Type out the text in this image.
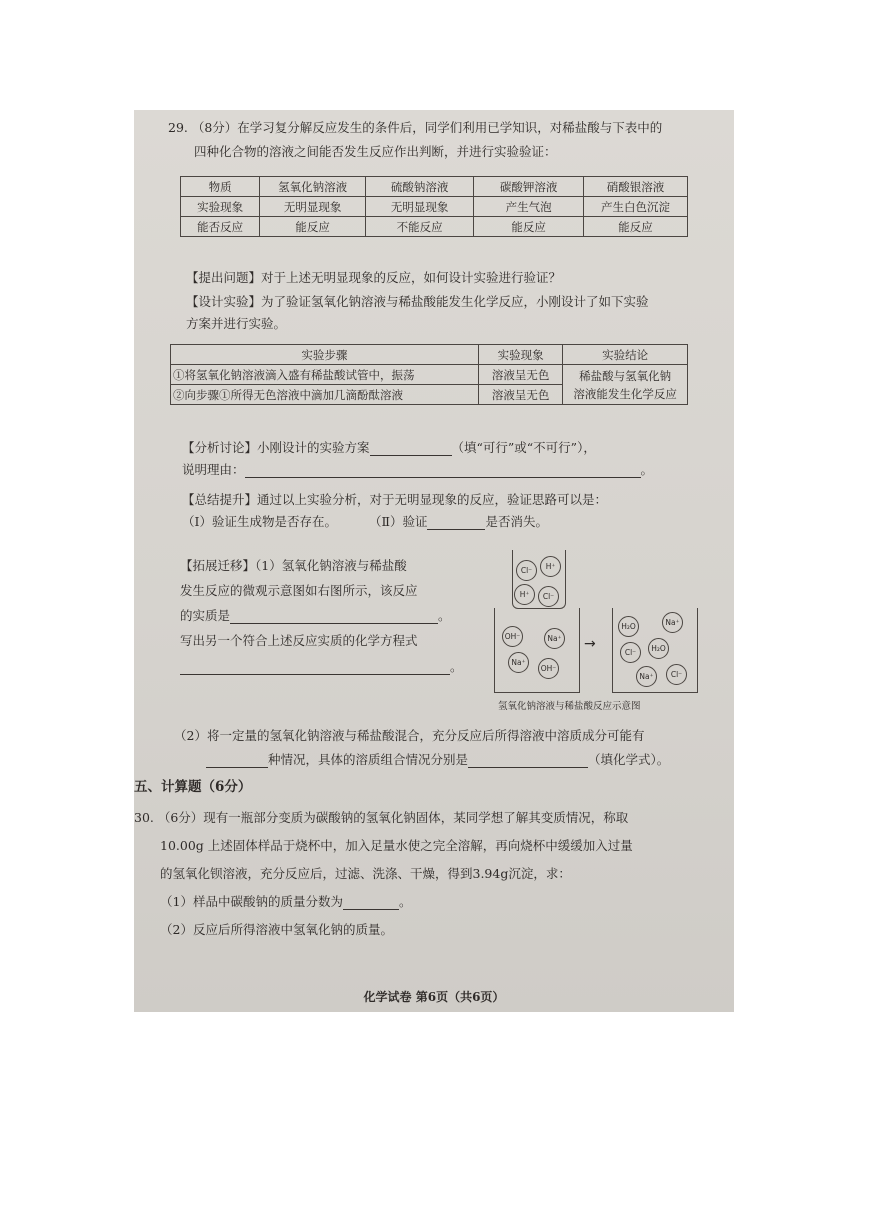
29. （8分）在学习复分解反应发生的条件后，同学们利用已学知识，对稀盐酸与下表中的
四种化合物的溶液之间能否发生反应作出判断，并进行实验验证：
物质	氢氧化钠溶液	硫酸钠溶液	碳酸钾溶液	硝酸银溶液
实验现象	无明显现象	无明显现象	产生气泡	产生白色沉淀
能否反应	能反应	不能反应	能反应	能反应
【提出问题】对于上述无明显现象的反应，如何设计实验进行验证？
【设计实验】为了验证氢氧化钠溶液与稀盐酸能发生化学反应，小刚设计了如下实验
方案并进行实验。
实验步骤	实验现象	实验结论
①将氢氧化钠溶液滴入盛有稀盐酸试管中，振荡	溶液呈无色	稀盐酸与氢氧化钠
溶液能发生化学反应

②向步骤①所得无色溶液中滴加几滴酚酞溶液	溶液呈无色	
【分析讨论】小刚设计的实验方案	（填“可行”或“不可行”），
说明理由：	。
【总结提升】通过以上实验分析，对于无明显现象的反应，验证思路可以是：
（Ⅰ）验证生成物是否存在。	（Ⅱ）验证	是否消失。
【拓展迁移】（1）氢氧化钠溶液与稀盐酸
发生反应的微观示意图如右图所示，该反应
的实质是	。
写出另一个符合上述反应实质的化学方程式
。
Cl⁻	H⁺
H⁺	Cl⁻
OH⁻	Na⁺
Na⁺
OH⁻
→
H₂O	Na⁺
Cl⁻	H₂O
Na⁺	Cl⁻
氢氧化钠溶液与稀盐酸反应示意图
（2）将一定量的氢氧化钠溶液与稀盐酸混合，充分反应后所得溶液中溶质成分可能有
种情况，具体的溶质组合情况分别是	（填化学式）。
五、计算题（6分）
30. （6分）现有一瓶部分变质为碳酸钠的氢氧化钠固体，某同学想了解其变质情况，称取
10.00g 上述固体样品于烧杯中，加入足量水使之完全溶解，再向烧杯中缓缓加入过量
的氢氧化钡溶液，充分反应后，过滤、洗涤、干燥，得到3.94g沉淀，求：
（1）样品中碳酸钠的质量分数为	。
（2）反应后所得溶液中氢氧化钠的质量。
化学试卷 第6页（共6页）
